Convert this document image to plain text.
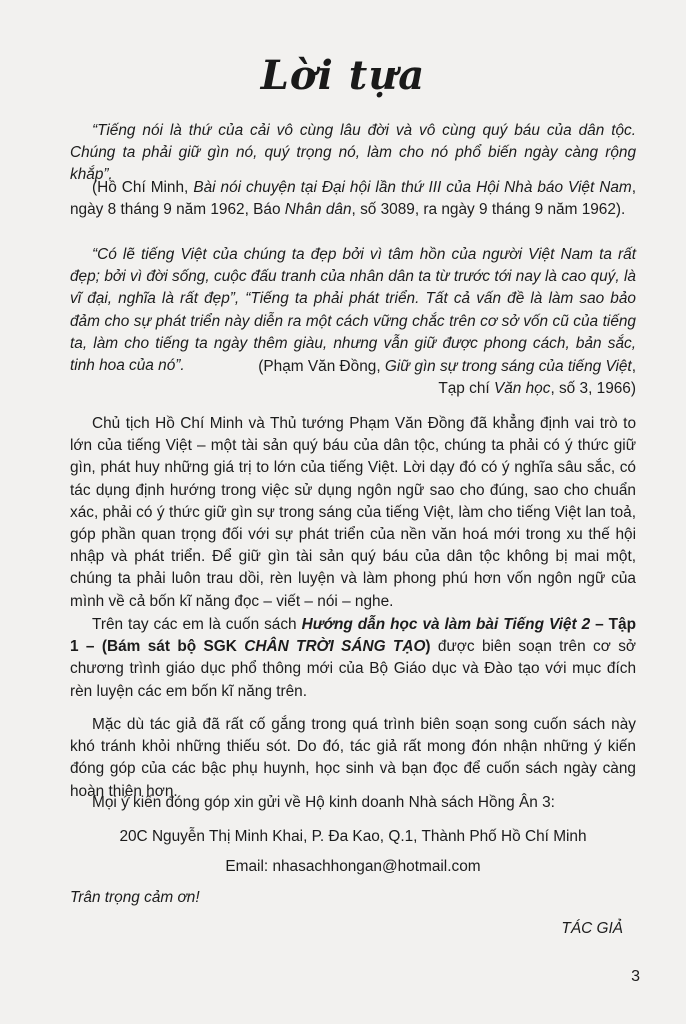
Lời tựa

“Tiếng nói là thứ của cải vô cùng lâu đời và vô cùng quý báu của dân tộc. Chúng ta phải giữ gìn nó, quý trọng nó, làm cho nó phổ biến ngày càng rộng khắp”.

(Hồ Chí Minh, Bài nói chuyện tại Đại hội lần thứ III của Hội Nhà báo Việt Nam, ngày 8 tháng 9 năm 1962, Báo Nhân dân, số 3089, ra ngày 9 tháng 9 năm 1962).

“Có lẽ tiếng Việt của chúng ta đẹp bởi vì tâm hồn của người Việt Nam ta rất đẹp; bởi vì đời sống, cuộc đấu tranh của nhân dân ta từ trước tới nay là cao quý, là vĩ đại, nghĩa là rất đẹp”, “Tiếng ta phải phát triển. Tất cả vấn đề là làm sao bảo đảm cho sự phát triển này diễn ra một cách vững chắc trên cơ sở vốn cũ của tiếng ta, làm cho tiếng ta ngày thêm giàu, nhưng vẫn giữ được phong cách, bản sắc, tinh hoa của nó”.	(Phạm Văn Đồng, Giữ gìn sự trong sáng của tiếng Việt,

Tạp chí Văn học, số 3, 1966)

Chủ tịch Hồ Chí Minh và Thủ tướng Phạm Văn Đồng đã khẳng định vai trò to lớn của tiếng Việt – một tài sản quý báu của dân tộc, chúng ta phải có ý thức giữ gìn, phát huy những giá trị to lớn của tiếng Việt. Lời dạy đó có ý nghĩa sâu sắc, có tác dụng định hướng trong việc sử dụng ngôn ngữ sao cho đúng, sao cho chuẩn xác, phải có ý thức giữ gìn sự trong sáng của tiếng Việt, làm cho tiếng Việt lan toả, góp phần quan trọng đối với sự phát triển của nền văn hoá mới trong xu thế hội nhập và phát triển. Để giữ gìn tài sản quý báu của dân tộc không bị mai một, chúng ta phải luôn trau dồi, rèn luyện và làm phong phú hơn vốn ngôn ngữ của mình về cả bốn kĩ năng đọc – viết – nói – nghe.

Trên tay các em là cuốn sách Hướng dẫn học và làm bài Tiếng Việt 2 – Tập 1 – (Bám sát bộ SGK CHÂN TRỜI SÁNG TẠO) được biên soạn trên cơ sở chương trình giáo dục phổ thông mới của Bộ Giáo dục và Đào tạo với mục đích rèn luyện các em bốn kĩ năng trên.

Mặc dù tác giả đã rất cố gắng trong quá trình biên soạn song cuốn sách này khó tránh khỏi những thiếu sót. Do đó, tác giả rất mong đón nhận những ý kiến đóng góp của các bậc phụ huynh, học sinh và bạn đọc để cuốn sách ngày càng hoàn thiện hơn.

Mọi ý kiến đóng góp xin gửi về Hộ kinh doanh Nhà sách Hồng Ân 3:

20C Nguyễn Thị Minh Khai, P. Đa Kao, Q.1, Thành Phố Hồ Chí Minh

Email: nhasachhongan@hotmail.com

Trân trọng cảm ơn!

TÁC GIẢ

3
